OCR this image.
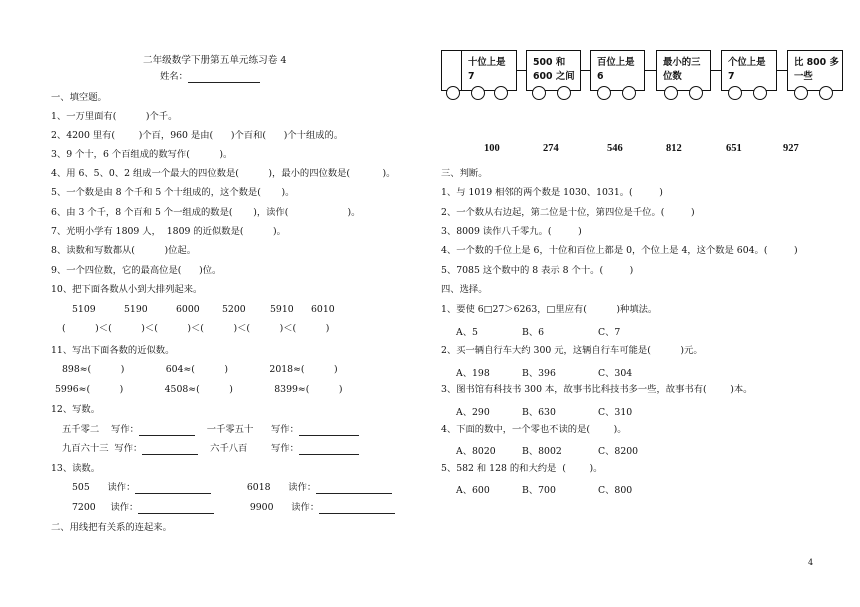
二年级数学下册第五单元练习卷 4
姓名：
一、填空题。
1、一万里面有(          )个千。
2、4200 里有(        )个百，960 是由(      )个百和(      )个十组成的。
3、9 个十，6 个百组成的数写作(          )。
4、用 6、5、0、2 组成一个最大的四位数是(          )，最小的四位数是(           )。
5、一个数是由 8 个千和 5 个十组成的，这个数是(       )。
6、由 3 个千，8 个百和 5 个一组成的数是(       )，读作(                    )。
7、光明小学有 1809 人，  1809 的近似数是(          )。
8、读数和写数都从(          )位起。
9、一个四位数，它的最高位是(      )位。
10、把下面各数从小到大排列起来。
5109	5190	6000 5200	5910 6010
(          )＜(          )＜(          )＜(          )＜(          )＜(          )
11、写出下面各数的近似数。
898≈(          )              604≈(          )              2018≈(          )
5996≈(          )              4508≈(          )              8399≈(          )
12、写数。
五千零二 写作：	一千零五十 写作：
九百六十三 写作：	六千八百	写作：
13、读数。
505 读作：	6018 读作：
7200 读作：	9900 读作：
二、用线把有关系的连起来。
十位上是
7
500 和
600 之间
百位上是
6
最小的三
位数
个位上是
7
比 800 多
一些
100	274	546	812	651	927
三、判断。
1、与 1019 相邻的两个数是 1030、1031。(         )
2、一个数从右边起，第二位是十位，第四位是千位。(         )
3、8009 读作八千零九。(         )
4、一个数的千位上是 6，十位和百位上都是 0，个位上是 4，这个数是 604。(         )
5、7085 这个数中的 8 表示 8 个十。(         )
四、选择。
1、要使 6□27＞6263，□里应有(          )种填法。
A、5	B、6	C、7
2、买一辆自行车大约 300 元，这辆自行车可能是(          )元。
A、198	B、396	C、304
3、图书馆有科技书 300 本，故事书比科技书多一些，故事书有(        )本。
A、290	B、630	C、310
4、下面的数中，一个零也不读的是(        )。
A、8020	B、8002	C、8200
5、582 和 128 的和大约是  (        )。
A、600	B、700	C、800
4
